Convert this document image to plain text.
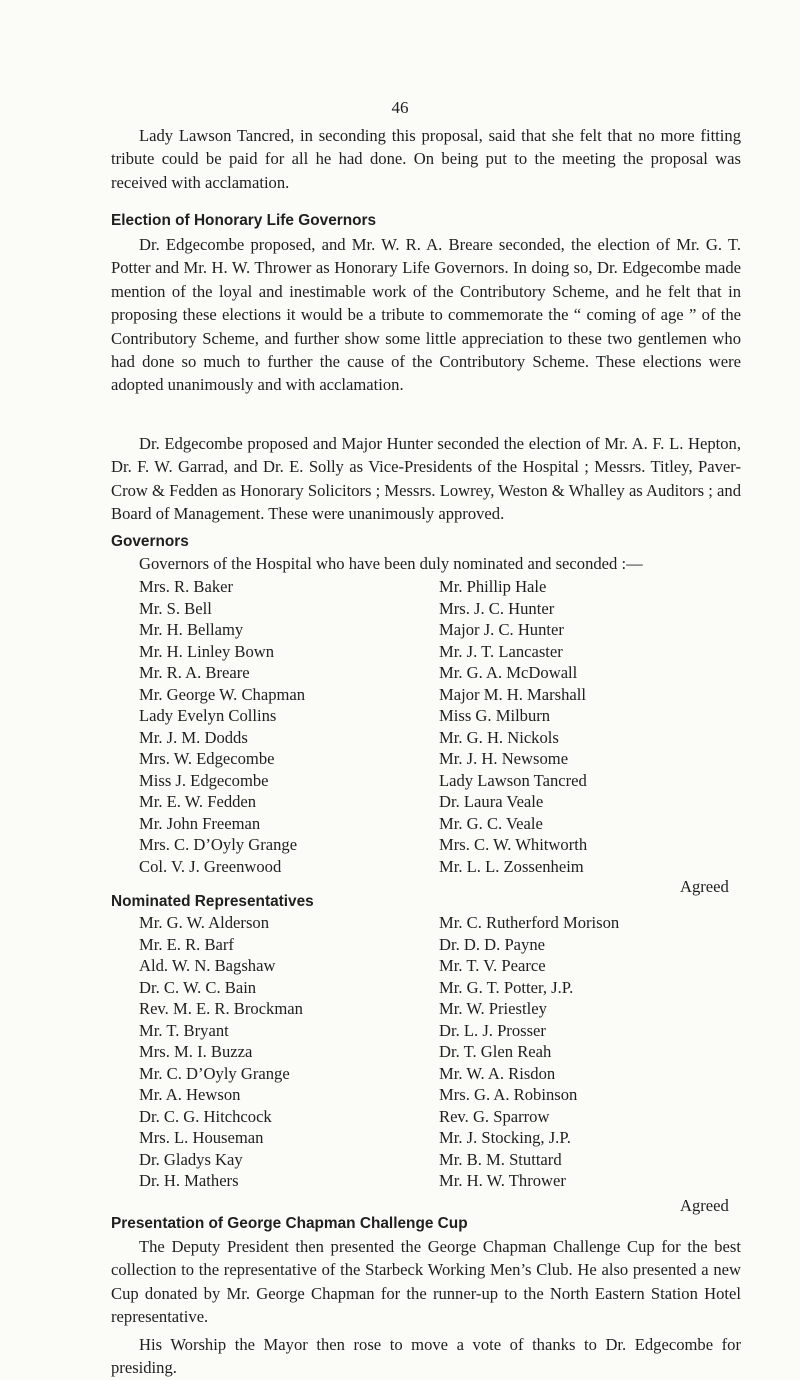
46

Lady Lawson Tancred, in seconding this proposal, said that she felt that no more fitting tribute could be paid for all he had done. On being put to the meeting the proposal was received with acclamation.

Election of Honorary Life Governors

Dr. Edgecombe proposed, and Mr. W. R. A. Breare seconded, the election of Mr. G. T. Potter and Mr. H. W. Thrower as Honorary Life Governors. In doing so, Dr. Edgecombe made mention of the loyal and inestimable work of the Contributory Scheme, and he felt that in proposing these elections it would be a tribute to commemorate the “ coming of age ” of the Contributory Scheme, and further show some little appreciation to these two gentlemen who had done so much to further the cause of the Contributory Scheme. These elections were adopted unanimously and with acclamation.

Dr. Edgecombe proposed and Major Hunter seconded the election of Mr. A. F. L. Hepton, Dr. F. W. Garrad, and Dr. E. Solly as Vice-Presidents of the Hospital ; Messrs. Titley, Paver-Crow & Fedden as Honorary Solicitors ; Messrs. Lowrey, Weston & Whalley as Auditors ; and Board of Management. These were unanimously approved.

Governors

Governors of the Hospital who have been duly nominated and seconded :—

Mrs. R. Baker
Mr. S. Bell
Mr. H. Bellamy
Mr. H. Linley Bown
Mr. R. A. Breare
Mr. George W. Chapman
Lady Evelyn Collins
Mr. J. M. Dodds
Mrs. W. Edgecombe
Miss J. Edgecombe
Mr. E. W. Fedden
Mr. John Freeman
Mrs. C. D’Oyly Grange
Col. V. J. Greenwood
Mr. Phillip Hale
Mrs. J. C. Hunter
Major J. C. Hunter
Mr. J. T. Lancaster
Mr. G. A. McDowall
Major M. H. Marshall
Miss G. Milburn
Mr. G. H. Nickols
Mr. J. H. Newsome
Lady Lawson Tancred
Dr. Laura Veale
Mr. G. C. Veale
Mrs. C. W. Whitworth
Mr. L. L. Zossenheim
Agreed
Nominated Representatives
Mr. G. W. Alderson
Mr. E. R. Barf
Ald. W. N. Bagshaw
Dr. C. W. C. Bain
Rev. M. E. R. Brockman
Mr. T. Bryant
Mrs. M. I. Buzza
Mr. C. D’Oyly Grange
Mr. A. Hewson
Dr. C. G. Hitchcock
Mrs. L. Houseman
Dr. Gladys Kay
Dr. H. Mathers
Mr. C. Rutherford Morison
Dr. D. D. Payne
Mr. T. V. Pearce
Mr. G. T. Potter, J.P.
Mr. W. Priestley
Dr. L. J. Prosser
Dr. T. Glen Reah
Mr. W. A. Risdon
Mrs. G. A. Robinson
Rev. G. Sparrow
Mr. J. Stocking, J.P.
Mr. B. M. Stuttard
Mr. H. W. Thrower
Agreed
Presentation of George Chapman Challenge Cup

The Deputy President then presented the George Chapman Challenge Cup for the best collection to the representative of the Starbeck Working Men’s Club. He also presented a new Cup donated by Mr. George Chapman for the runner-up to the North Eastern Station Hotel representative.

His Worship the Mayor then rose to move a vote of thanks to Dr. Edgecombe for presiding.
